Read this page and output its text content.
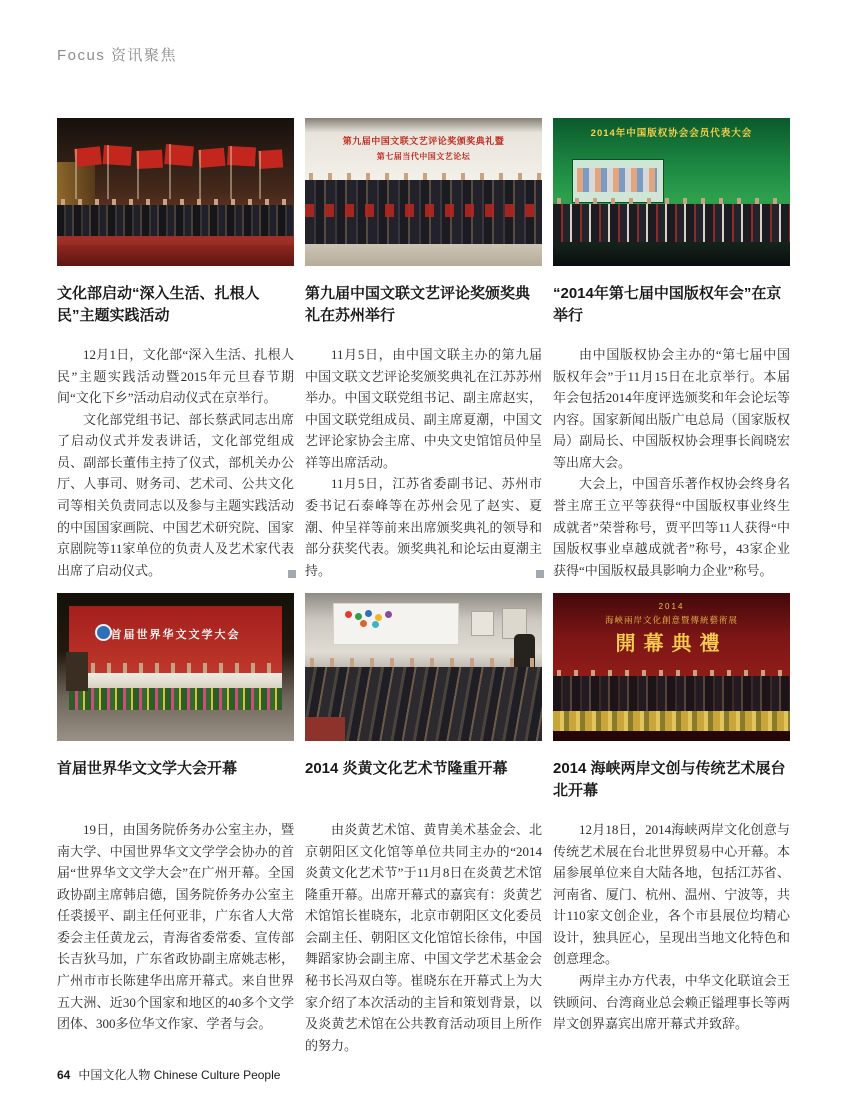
Focus 资讯聚焦
文化部启动“深入生活、扎根人民”主题实践活动

12月1日，文化部“深入生活、扎根人民”主题实践活动暨2015年元旦春节期间“文化下乡”活动启动仪式在京举行。

文化部党组书记、部长蔡武同志出席了启动仪式并发表讲话，文化部党组成员、副部长董伟主持了仪式，部机关办公厅、人事司、财务司、艺术司、公共文化司等相关负责同志以及参与主题实践活动的中国国家画院、中国艺术研究院、国家京剧院等11家单位的负责人及艺术家代表出席了启动仪式。

第九届中国文联文艺评论奖颁奖典礼暨

第七届当代中国文艺论坛

第九届中国文联文艺评论奖颁奖典礼在苏州举行

11月5日，由中国文联主办的第九届中国文联文艺评论奖颁奖典礼在江苏苏州举办。中国文联党组书记、副主席赵实，中国文联党组成员、副主席夏潮，中国文艺评论家协会主席、中央文史馆馆员仲呈祥等出席活动。

11月5日，江苏省委副书记、苏州市委书记石泰峰等在苏州会见了赵实、夏潮、仲呈祥等前来出席颁奖典礼的领导和部分获奖代表。颁奖典礼和论坛由夏潮主持。

2014年中国版权协会会员代表大会

“2014年第七届中国版权年会”在京举行

由中国版权协会主办的“第七届中国版权年会”于11月15日在北京举行。本届年会包括2014年度评选颁奖和年会论坛等内容。国家新闻出版广电总局（国家版权局）副局长、中国版权协会理事长阎晓宏等出席大会。

大会上，中国音乐著作权协会终身名誉主席王立平等获得“中国版权事业终生成就者”荣誉称号，贾平凹等11人获得“中国版权事业卓越成就者”称号，43家企业获得“中国版权最具影响力企业”称号。

首届世界华文文学大会

首届世界华文文学大会开幕

19日，由国务院侨务办公室主办，暨南大学、中国世界华文文学学会协办的首届“世界华文文学大会”在广州开幕。全国政协副主席韩启德，国务院侨务办公室主任裘援平、副主任何亚非，广东省人大常委会主任黄龙云，青海省委常委、宣传部长吉狄马加，广东省政协副主席姚志彬，广州市市长陈建华出席开幕式。来自世界五大洲、近30个国家和地区的40多个文学团体、300多位华文作家、学者与会。

2014 炎黄文化艺术节隆重开幕

由炎黄艺术馆、黄胄美术基金会、北京朝阳区文化馆等单位共同主办的“2014炎黄文化艺术节”于11月8日在炎黄艺术馆隆重开幕。出席开幕式的嘉宾有：炎黄艺术馆馆长崔晓东，北京市朝阳区文化委员会副主任、朝阳区文化馆馆长徐伟，中国舞蹈家协会副主席、中国文学艺术基金会秘书长冯双白等。崔晓东在开幕式上为大家介绍了本次活动的主旨和策划背景，以及炎黄艺术馆在公共教育活动项目上所作的努力。

2014

海峽兩岸文化創意暨傳統藝術展

開幕典禮

2014 海峡两岸文创与传统艺术展台北开幕

12月18日，2014海峡两岸文化创意与传统艺术展在台北世界贸易中心开幕。本届参展单位来自大陆各地，包括江苏省、河南省、厦门、杭州、温州、宁波等，共计110家文创企业，各个市县展位均精心设计，独具匠心，呈现出当地文化特色和创意理念。

两岸主办方代表，中华文化联谊会王铁顾问、台湾商业总会赖正镒理事长等两岸文创界嘉宾出席开幕式并致辞。

64 中国文化人物 Chinese Culture People
